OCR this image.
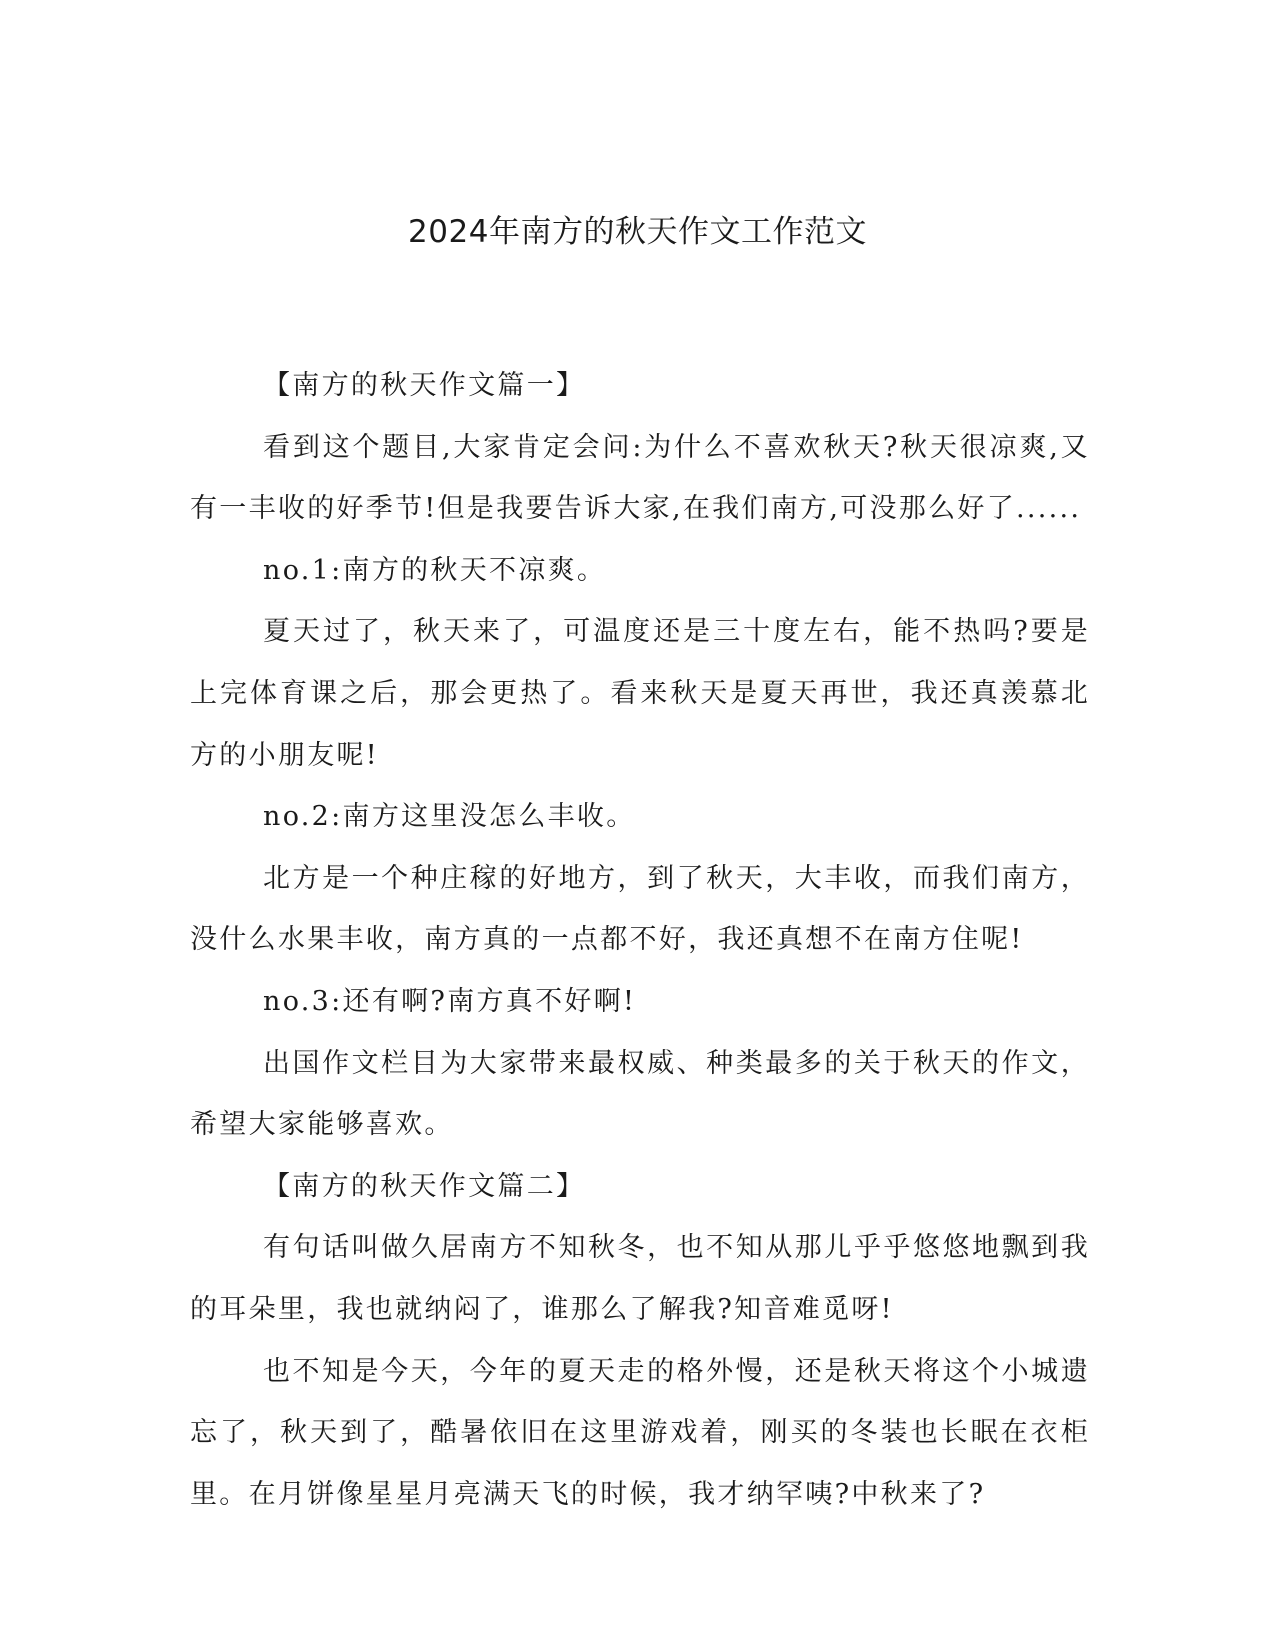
2024年南方的秋天作文工作范文

【南方的秋天作文篇一】

看到这个题目,大家肯定会问:为什么不喜欢秋天?秋天很凉爽,又有一丰收的好季节!但是我要告诉大家,在我们南方,可没那么好了......

no.1:南方的秋天不凉爽。

夏天过了，秋天来了，可温度还是三十度左右，能不热吗?要是上完体育课之后，那会更热了。看来秋天是夏天再世，我还真羡慕北方的小朋友呢!

no.2:南方这里没怎么丰收。

北方是一个种庄稼的好地方，到了秋天，大丰收，而我们南方，没什么水果丰收，南方真的一点都不好，我还真想不在南方住呢!

no.3:还有啊?南方真不好啊!

出国作文栏目为大家带来最权威、种类最多的关于秋天的作文，希望大家能够喜欢。

【南方的秋天作文篇二】

有句话叫做久居南方不知秋冬，也不知从那儿乎乎悠悠地飘到我的耳朵里，我也就纳闷了，谁那么了解我?知音难觅呀!

也不知是今天，今年的夏天走的格外慢，还是秋天将这个小城遗忘了，秋天到了，酷暑依旧在这里游戏着，刚买的冬装也长眠在衣柜里。在月饼像星星月亮满天飞的时候，我才纳罕咦?中秋来了?
